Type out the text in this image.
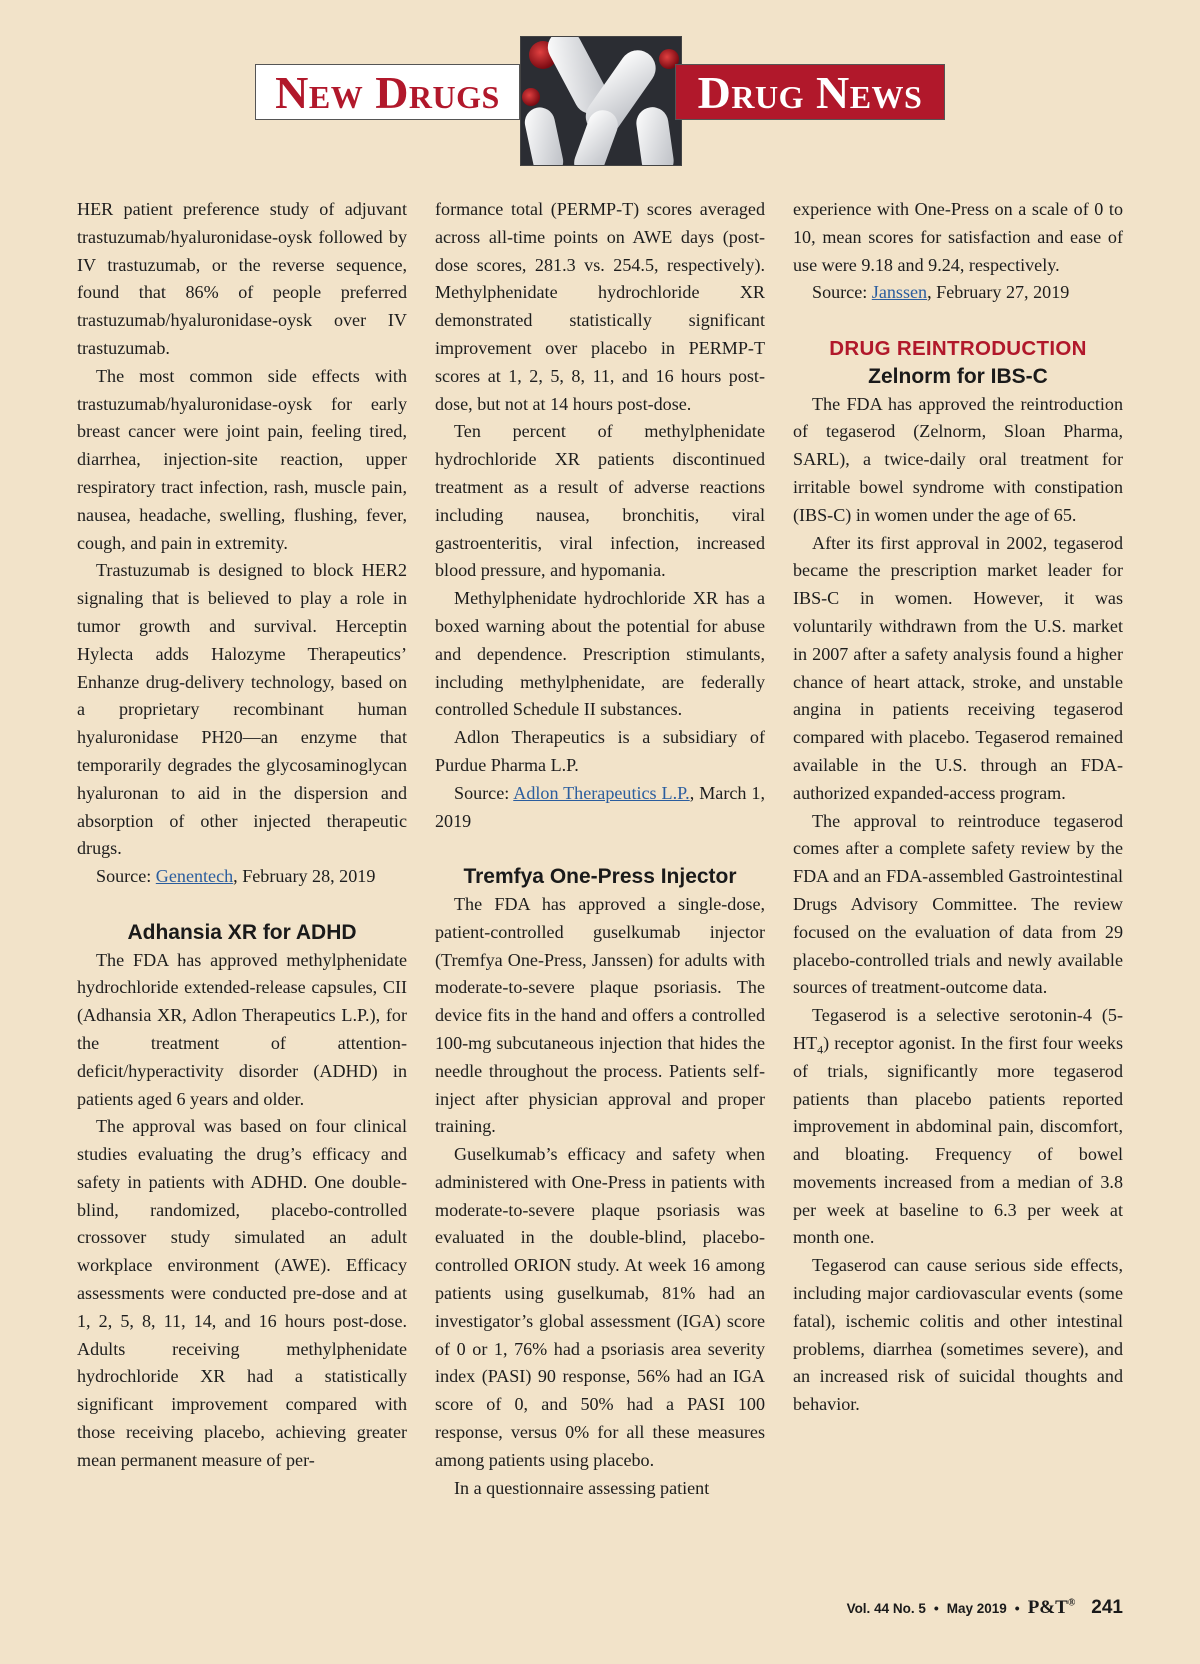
New Drugs	Drug News

HER patient preference study of adjuvant trastuzumab/hyaluronidase-oysk followed by IV trastuzumab, or the reverse sequence, found that 86% of people preferred trastuzumab/hyaluronidase-oysk over IV trastuzumab.

The most common side effects with trastuzumab/hyaluronidase-oysk for early breast cancer were joint pain, feeling tired, diarrhea, injection-site reaction, upper respiratory tract infection, rash, muscle pain, nausea, headache, swelling, flushing, fever, cough, and pain in extremity.

Trastuzumab is designed to block HER2 signaling that is believed to play a role in tumor growth and survival. Herceptin Hylecta adds Halozyme Therapeutics’ Enhanze drug-delivery technology, based on a proprietary recombinant human hyaluronidase PH20—an enzyme that temporarily degrades the glycosaminoglycan hyaluronan to aid in the dispersion and absorption of other injected therapeutic drugs.

Source: Genentech, February 28, 2019

Adhansia XR for ADHD

The FDA has approved methylphenidate hydrochloride extended-release capsules, CII (Adhansia XR, Adlon Therapeutics L.P.), for the treatment of attention-deficit/hyperactivity disorder (ADHD) in patients aged 6 years and older.

The approval was based on four clinical studies evaluating the drug’s efficacy and safety in patients with ADHD. One double-blind, randomized, placebo-controlled crossover study simulated an adult workplace environment (AWE). Efficacy assessments were conducted pre-dose and at 1, 2, 5, 8, 11, 14, and 16 hours post-dose. Adults receiving methylphenidate hydrochloride XR had a statistically significant improvement compared with those receiving placebo, achieving greater mean permanent measure of per-

formance total (PERMP-T) scores averaged across all-time points on AWE days (post-dose scores, 281.3 vs. 254.5, respectively). Methylphenidate hydrochloride XR demonstrated statistically significant improvement over placebo in PERMP-T scores at 1, 2, 5, 8, 11, and 16 hours post-dose, but not at 14 hours post-dose.

Ten percent of methylphenidate hydrochloride XR patients discontinued treatment as a result of adverse reactions including nausea, bronchitis, viral gastroenteritis, viral infection, increased blood pressure, and hypomania.

Methylphenidate hydrochloride XR has a boxed warning about the potential for abuse and dependence. Prescription stimulants, including methylphenidate, are federally controlled Schedule II substances.

Adlon Therapeutics is a subsidiary of Purdue Pharma L.P.

Source: Adlon Therapeutics L.P., March 1, 2019

Tremfya One-Press Injector

The FDA has approved a single-dose, patient-controlled guselkumab injector (Tremfya One-Press, Janssen) for adults with moderate-to-severe plaque psoriasis. The device fits in the hand and offers a controlled 100-mg subcutaneous injection that hides the needle throughout the process. Patients self-inject after physician approval and proper training.

Guselkumab’s efficacy and safety when administered with One-Press in patients with moderate-to-severe plaque psoriasis was evaluated in the double-blind, placebo-controlled ORION study. At week 16 among patients using guselkumab, 81% had an investigator’s global assessment (IGA) score of 0 or 1, 76% had a psoriasis area severity index (PASI) 90 response, 56% had an IGA score of 0, and 50% had a PASI 100 response, versus 0% for all these measures among patients using placebo.

In a questionnaire assessing patient

experience with One-Press on a scale of 0 to 10, mean scores for satisfaction and ease of use were 9.18 and 9.24, respectively.

Source: Janssen, February 27, 2019

DRUG REINTRODUCTION
Zelnorm for IBS-C

The FDA has approved the reintroduction of tegaserod (Zelnorm, Sloan Pharma, SARL), a twice-daily oral treatment for irritable bowel syndrome with constipation (IBS-C) in women under the age of 65.

After its first approval in 2002, tegaserod became the prescription market leader for IBS-C in women. However, it was voluntarily withdrawn from the U.S. market in 2007 after a safety analysis found a higher chance of heart attack, stroke, and unstable angina in patients receiving tegaserod compared with placebo. Tegaserod remained available in the U.S. through an FDA-authorized expanded-access program.

The approval to reintroduce tegaserod comes after a complete safety review by the FDA and an FDA-assembled Gastrointestinal Drugs Advisory Committee. The review focused on the evaluation of data from 29 placebo-controlled trials and newly available sources of treatment-outcome data.

Tegaserod is a selective serotonin-4 $(5-HT_4)$ receptor agonist. In the first four weeks of trials, significantly more tegaserod patients than placebo patients reported improvement in abdominal pain, discomfort, and bloating. Frequency of bowel movements increased from a median of 3.8 per week at baseline to 6.3 per week at month one.

Tegaserod can cause serious side effects, including major cardiovascular events (some fatal), ischemic colitis and other intestinal problems, diarrhea (sometimes severe), and an increased risk of suicidal thoughts and behavior.

Vol. 44 No. 5 • May 2019 • P&T® 241
